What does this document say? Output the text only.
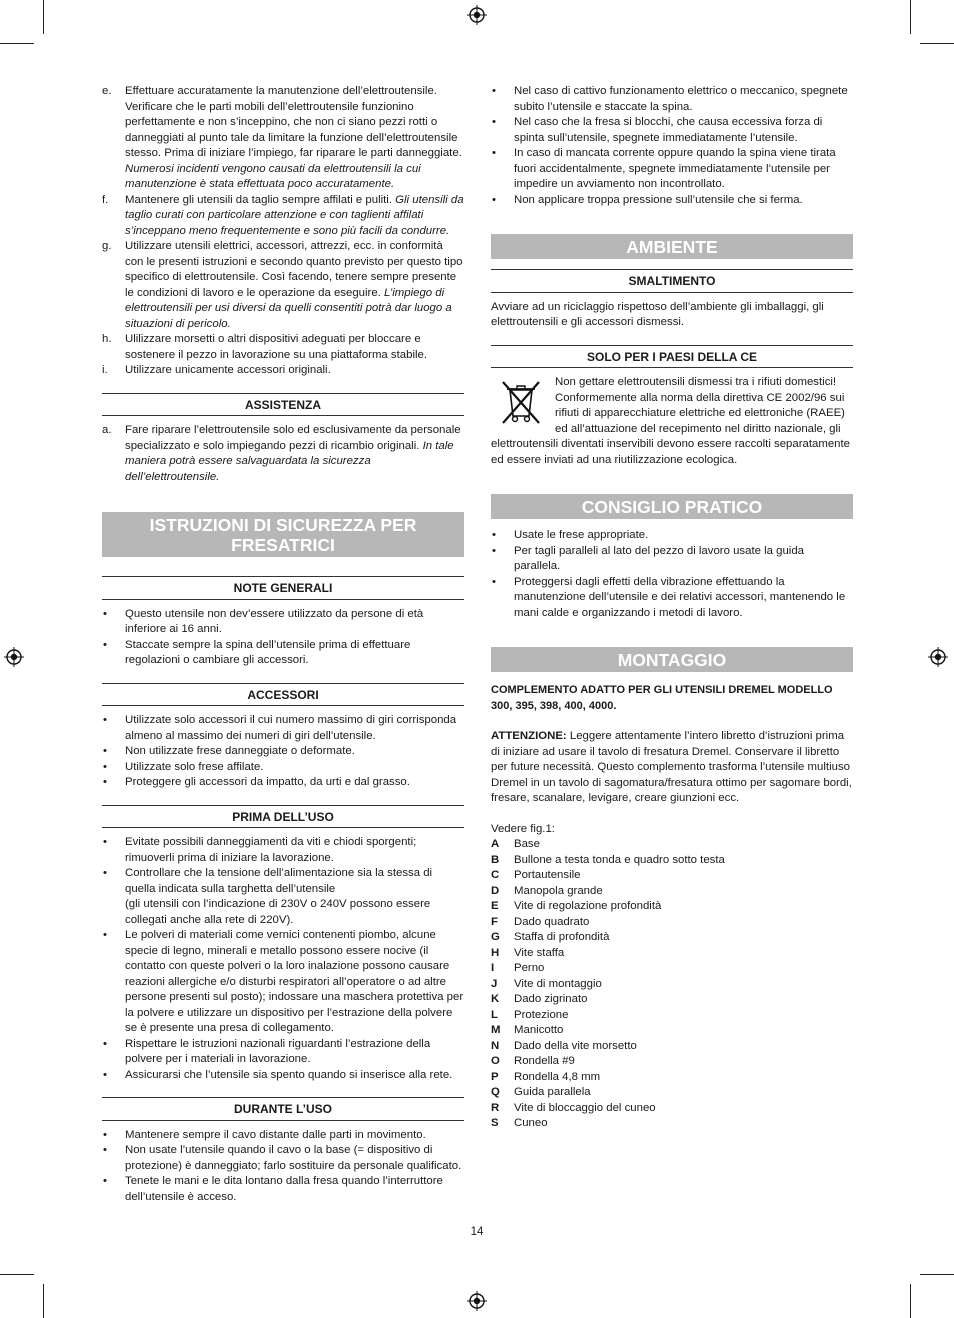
e. Effettuare accuratamente la manutenzione dell’elettroutensile. Verificare che le parti mobili dell’elettroutensile funzionino perfettamente e non s’inceppino, che non ci siano pezzi rotti o danneggiati al punto tale da limitare la funzione dell’elettroutensile stesso. Prima di iniziare l’impiego, far riparare le parti danneggiate. Numerosi incidenti vengono causati da elettroutensili la cui manutenzione è stata effettuata poco accuratamente.
f. Mantenere gli utensili da taglio sempre affilati e puliti. Gli utensili da taglio curati con particolare attenzione e con taglienti affilati s’inceppano meno frequentemente e sono più facili da condurre.
g. Utilizzare utensili elettrici, accessori, attrezzi, ecc. in conformità con le presenti istruzioni e secondo quanto previsto per questo tipo specifico di elettroutensile. Così facendo, tenere sempre presente le condizioni di lavoro e le operazione da eseguire. L’impiego di elettroutensili per usi diversi da quelli consentiti potrà dar luogo a situazioni di pericolo.
h. Ulilizzare morsetti o altri dispositivi adeguati per bloccare e sostenere il pezzo in lavorazione su una piattaforma stabile.
i. Utilizzare unicamente accessori originali.
ASSISTENZA
a. Fare riparare l’elettroutensile solo ed esclusivamente da personale specializzato e solo impiegando pezzi di ricambio originali. In tale maniera potrà essere salvaguardata la sicurezza dell’elettroutensile.
ISTRUZIONI DI SICUREZZA PER FRESATRICI
NOTE GENERALI
• Questo utensile non dev’essere utilizzato da persone di età inferiore ai 16 anni.
• Staccate sempre la spina dell’utensile prima di effettuare regolazioni o cambiare gli accessori.
ACCESSORI
• Utilizzate solo accessori il cui numero massimo di giri corrisponda almeno al massimo dei numeri di giri dell’utensile.
• Non utilizzate frese danneggiate o deformate.
• Utilizzate solo frese affilate.
• Proteggere gli accessori da impatto, da urti e dal grasso.
PRIMA DELL’USO
• Evitate possibili danneggiamenti da viti e chiodi sporgenti; rimuoverli prima di iniziare la lavorazione.
• Controllare che la tensione dell’alimentazione sia la stessa di quella indicata sulla targhetta dell’utensile
(gli utensili con l’indicazione di 230V o 240V possono essere collegati anche alla rete di 220V).
• Le polveri di materiali come vernici contenenti piombo, alcune specie di legno, minerali e metallo possono essere nocive (il contatto con queste polveri o la loro inalazione possono causare reazioni allergiche e/o disturbi respiratori all’operatore o ad altre persone presenti sul posto); indossare una maschera protettiva per la polvere e utilizzare un dispositivo per l’estrazione della polvere se è presente una presa di collegamento.
• Rispettare le istruzioni nazionali riguardanti l’estrazione della polvere per i materiali in lavorazione.
• Assicurarsi che l’utensile sia spento quando si inserisce alla rete.
DURANTE L’USO
• Mantenere sempre il cavo distante dalle parti in movimento.
• Non usate l’utensile quando il cavo o la base (= dispositivo di protezione) è danneggiato; farlo sostituire da personale qualificato.
• Tenete le mani e le dita lontano dalla fresa quando l’interruttore dell’utensile è acceso.
• Nel caso di cattivo funzionamento elettrico o meccanico, spegnete subito l’utensile e staccate la spina.
• Nel caso che la fresa si blocchi, che causa eccessiva forza di spinta sull’utensile, spegnete immediatamente l’utensile.
• In caso di mancata corrente oppure quando la spina viene tirata fuori accidentalmente, spegnete immediatamente l’utensile per impedire un avviamento non incontrollato.
• Non applicare troppa pressione sull’utensile che si ferma.
AMBIENTE
SMALTIMENTO

Avviare ad un riciclaggio rispettoso dell’ambiente gli imballaggi, gli elettroutensili e gli accessori dismessi.

SOLO PER I PAESI DELLA CE
Non gettare elettroutensili dismessi tra i rifiuti domestici! Conformemente alla norma della direttiva CE 2002/96 sui rifiuti di apparecchiature elettriche ed elettroniche (RAEE) ed all’attuazione del recepimento nel diritto nazionale, gli elettroutensili diventati inservibili devono essere raccolti separatamente ed essere inviati ad una riutilizzazione ecologica.
CONSIGLIO PRATICO
• Usate le frese appropriate.
• Per tagli paralleli al lato del pezzo di lavoro usate la guida parallela.
• Proteggersi dagli effetti della vibrazione effettuando la manutenzione dell’utensile e dei relativi accessori, mantenendo le mani calde e organizzando i metodi di lavoro.
MONTAGGIO

COMPLEMENTO ADATTO PER GLI UTENSILI DREMEL MODELLO 300, 395, 398, 400, 4000.

ATTENZIONE: Leggere attentamente l’intero libretto d’istruzioni prima di iniziare ad usare il tavolo di fresatura Dremel. Conservare il libretto per future necessità. Questo complemento trasforma l’utensile multiuso Dremel in un tavolo di sagomatura/fresatura ottimo per sagomare bordi, fresare, scanalare, levigare, creare giunzioni ecc.

Vedere fig.1:

A Base
B Bullone a testa tonda e quadro sotto testa
C Portautensile
D Manopola grande
E Vite di regolazione profondità
F Dado quadrato
G Staffa di profondità
H Vite staffa
I Perno
J Vite di montaggio
K Dado zigrinato
L Protezione
M Manicotto
N Dado della vite morsetto
O Rondella #9
P Rondella 4,8 mm
Q Guida parallela
R Vite di bloccaggio del cuneo
S Cuneo
14
